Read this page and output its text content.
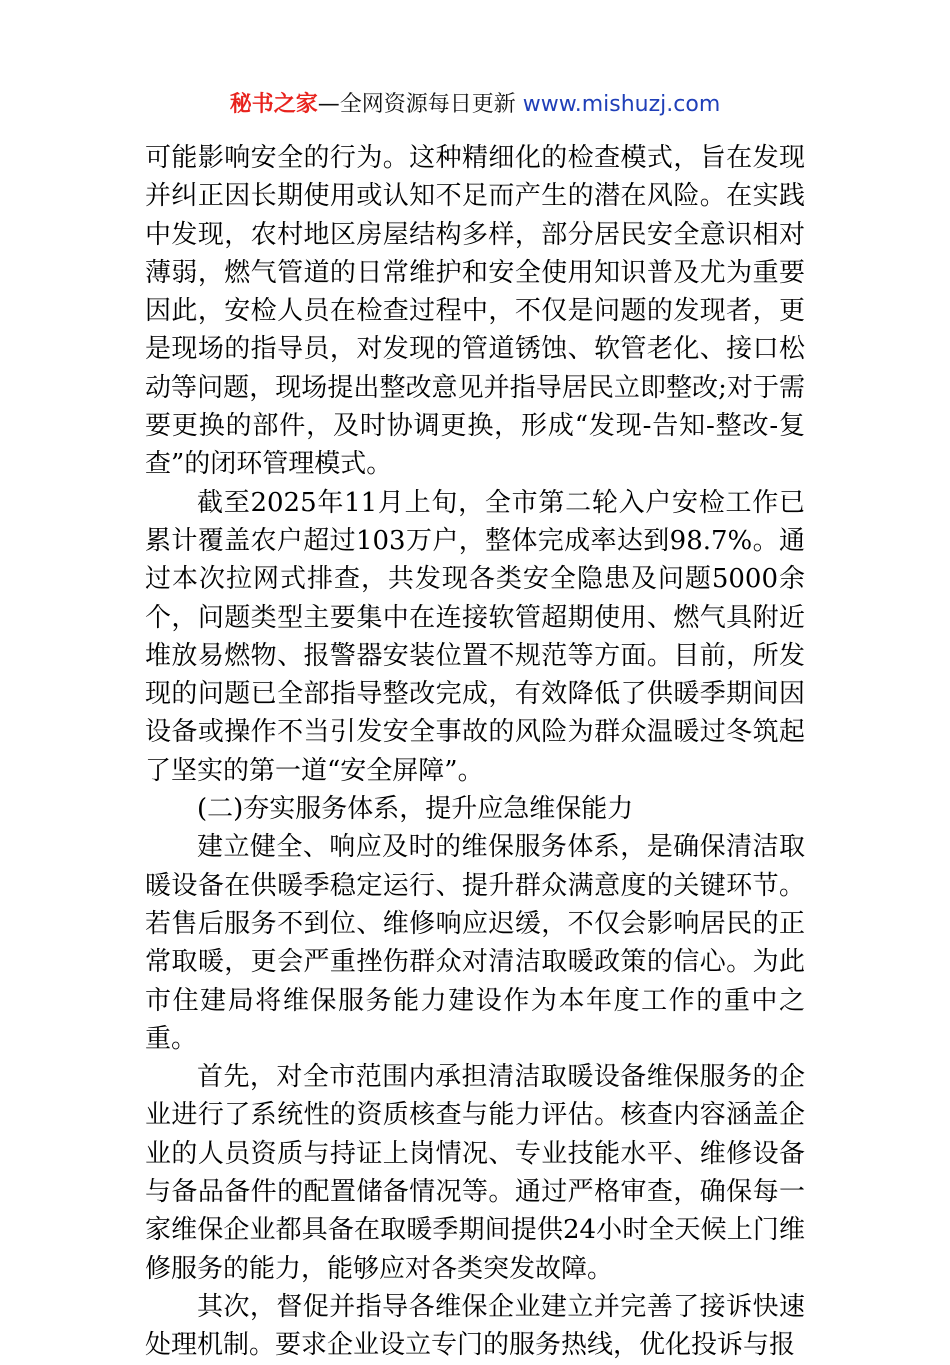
秘书之家—全网资源每日更新 www.mishuzj.com

可能影响安全的行为。这种精细化的检查模式，旨在发现并纠正因长期使用或认知不足而产生的潜在风险。在实践中发现，农村地区房屋结构多样，部分居民安全意识相对薄弱，燃气管道的日常维护和安全使用知识普及尤为重要因此，安检人员在检查过程中，不仅是问题的发现者，更是现场的指导员，对发现的管道锈蚀、软管老化、接口松动等问题，现场提出整改意见并指导居民立即整改;对于需要更换的部件，及时协调更换，形成“发现-告知-整改-复查”的闭环管理模式。

截至2025年11月上旬，全市第二轮入户安检工作已累计覆盖农户超过103万户，整体完成率达到98.7%。通过本次拉网式排查，共发现各类安全隐患及问题5000余个，问题类型主要集中在连接软管超期使用、燃气具附近堆放易燃物、报警器安装位置不规范等方面。目前，所发现的问题已全部指导整改完成，有效降低了供暖季期间因设备或操作不当引发安全事故的风险为群众温暖过冬筑起了坚实的第一道“安全屏障”。

(二)夯实服务体系，提升应急维保能力

建立健全、响应及时的维保服务体系，是确保清洁取暖设备在供暖季稳定运行、提升群众满意度的关键环节。若售后服务不到位、维修响应迟缓，不仅会影响居民的正常取暖，更会严重挫伤群众对清洁取暖政策的信心。为此市住建局将维保服务能力建设作为本年度工作的重中之重。

首先，对全市范围内承担清洁取暖设备维保服务的企业进行了系统性的资质核查与能力评估。核查内容涵盖企业的人员资质与持证上岗情况、专业技能水平、维修设备与备品备件的配置储备情况等。通过严格审查，确保每一家维保企业都具备在取暖季期间提供24小时全天候上门维修服务的能力，能够应对各类突发故障。

其次，督促并指导各维保企业建立并完善了接诉快速处理机制。要求企业设立专门的服务热线，优化投诉与报
